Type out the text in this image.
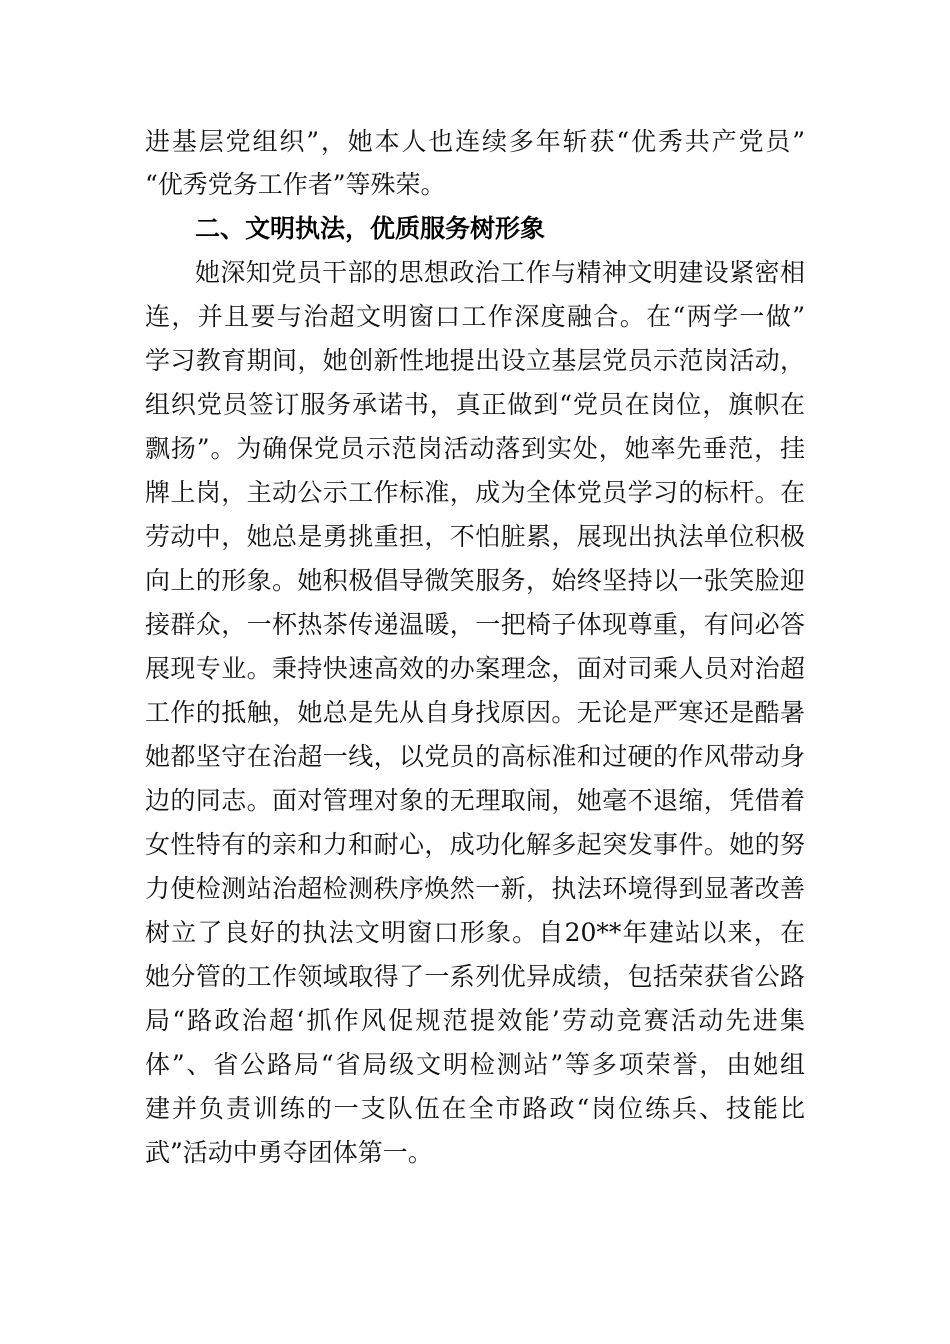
进基层党组织”，她本人也连续多年斩获“优秀共产党员”
“优秀党务工作者”等殊荣。
二、文明执法，优质服务树形象
她深知党员干部的思想政治工作与精神文明建设紧密相
连，并且要与治超文明窗口工作深度融合。在“两学一做”
学习教育期间，她创新性地提出设立基层党员示范岗活动，
组织党员签订服务承诺书，真正做到“党员在岗位，旗帜在
飘扬”。为确保党员示范岗活动落到实处，她率先垂范，挂
牌上岗，主动公示工作标准，成为全体党员学习的标杆。在
劳动中，她总是勇挑重担，不怕脏累，展现出执法单位积极
向上的形象。她积极倡导微笑服务，始终坚持以一张笑脸迎
接群众，一杯热茶传递温暖，一把椅子体现尊重，有问必答
展现专业。秉持快速高效的办案理念，面对司乘人员对治超
工作的抵触，她总是先从自身找原因。无论是严寒还是酷暑
她都坚守在治超一线，以党员的高标准和过硬的作风带动身
边的同志。面对管理对象的无理取闹，她毫不退缩，凭借着
女性特有的亲和力和耐心，成功化解多起突发事件。她的努
力使检测站治超检测秩序焕然一新，执法环境得到显著改善
树立了良好的执法文明窗口形象。自20**年建站以来，在
她分管的工作领域取得了一系列优异成绩，包括荣获省公路
局“路政治超‘抓作风促规范提效能’劳动竞赛活动先进集
体”、省公路局“省局级文明检测站”等多项荣誉，由她组
建并负责训练的一支队伍在全市路政“岗位练兵、技能比
武”活动中勇夺团体第一。
